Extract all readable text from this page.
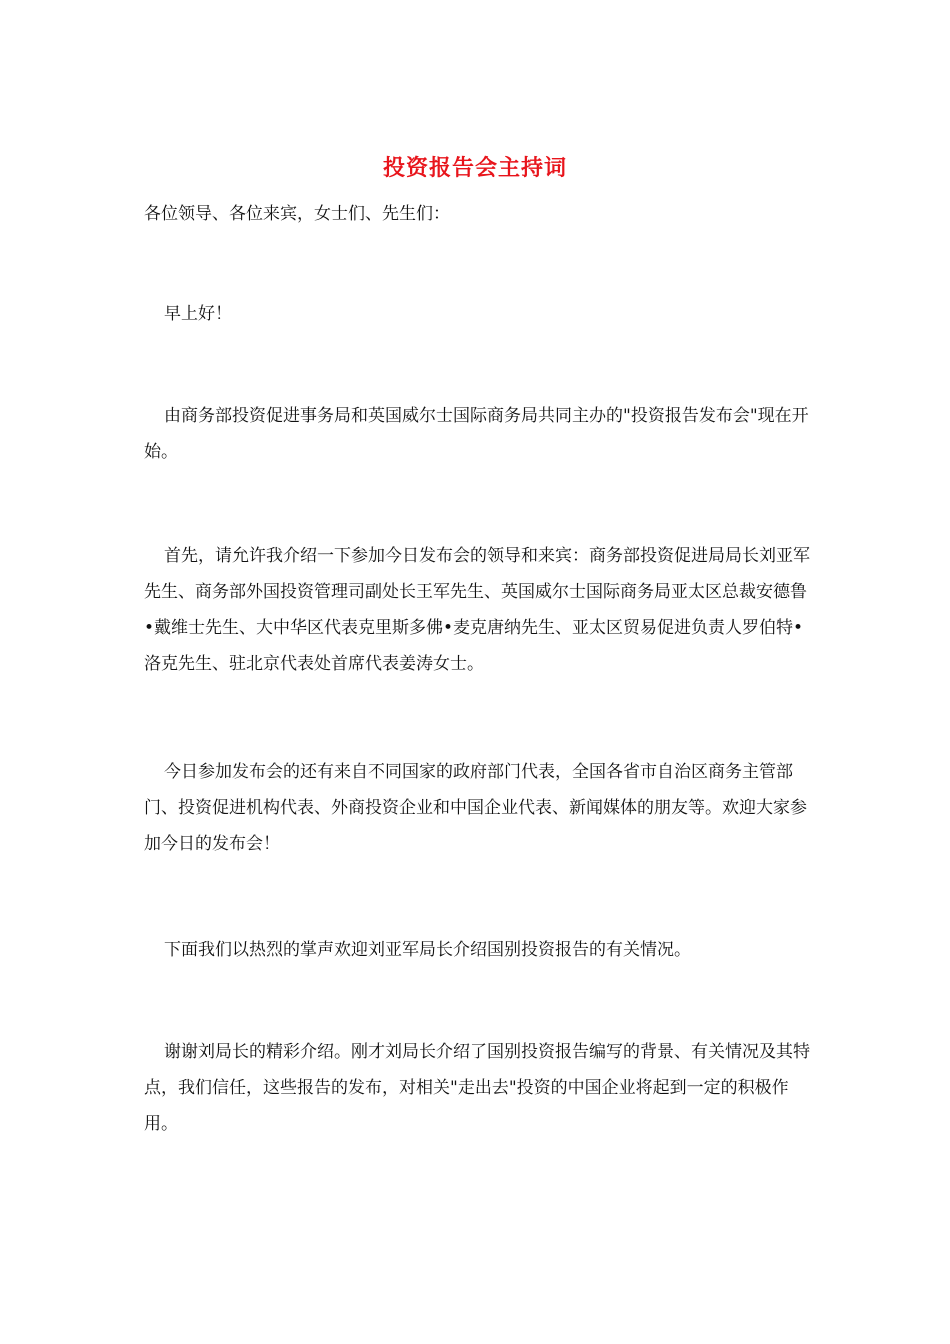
投资报告会主持词

各位领导、各位来宾，女士们、先生们：

早上好！

由商务部投资促进事务局和英国威尔士国际商务局共同主办的"投资报告发布会"现在开始。

首先，请允许我介绍一下参加今日发布会的领导和来宾：商务部投资促进局局长刘亚军先生、商务部外国投资管理司副处长王军先生、英国威尔士国际商务局亚太区总裁安德鲁•戴维士先生、大中华区代表克里斯多佛•麦克唐纳先生、亚太区贸易促进负责人罗伯特•洛克先生、驻北京代表处首席代表姜涛女士。

今日参加发布会的还有来自不同国家的政府部门代表，全国各省市自治区商务主管部门、投资促进机构代表、外商投资企业和中国企业代表、新闻媒体的朋友等。欢迎大家参加今日的发布会！

下面我们以热烈的掌声欢迎刘亚军局长介绍国别投资报告的有关情况。

谢谢刘局长的精彩介绍。刚才刘局长介绍了国别投资报告编写的背景、有关情况及其特点，我们信任，这些报告的发布，对相关"走出去"投资的中国企业将起到一定的积极作用。
